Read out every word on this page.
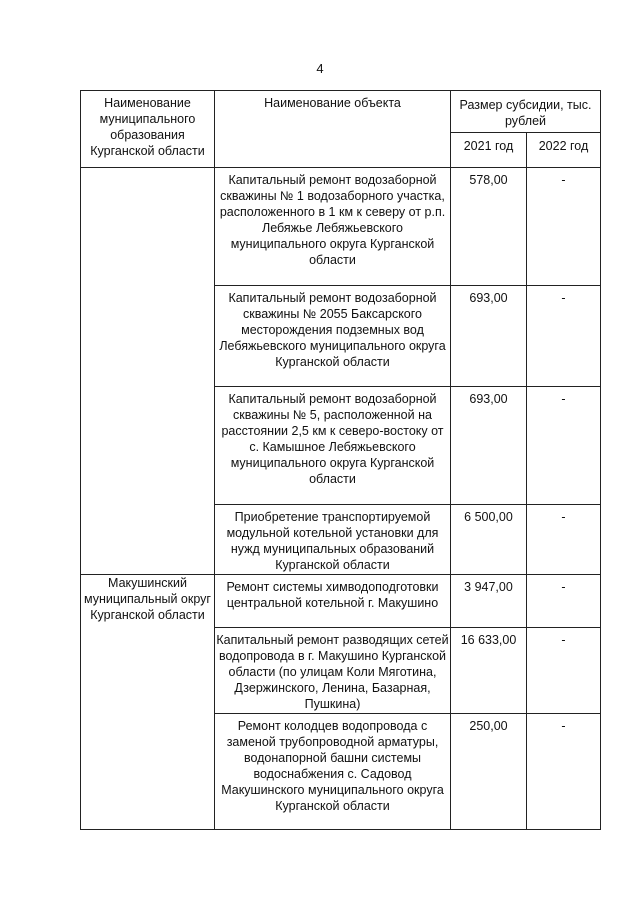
4
Наименование муниципального образования Курганской области	Наименование объекта	Размер субсидии, тыс. рублей	
		2021 год	2022 год
	Капитальный ремонт водозаборной скважины № 1 водозаборного участка, расположенного в 1 км к северу от р.п. Лебяжье Лебяжьевского муниципального округа Курганской области	578,00	-
	Капитальный ремонт водозаборной скважины № 2055 Баксарского месторождения подземных вод Лебяжьевского муниципального округа Курганской области	693,00	-
	Капитальный ремонт водозаборной скважины № 5, расположенной на расстоянии 2,5 км к северо-востоку от с. Камышное Лебяжьевского муниципального округа Курганской области	693,00	-
	Приобретение транспортируемой модульной котельной установки для нужд муниципальных образований Курганской области	6 500,00	-
Макушинский муниципальный округ Курганской области	Ремонт системы химводоподготовки центральной котельной г. Макушино	3 947,00	-
	Капитальный ремонт разводящих сетей водопровода в г. Макушино Курганской области (по улицам Коли Мяготина, Дзержинского, Ленина, Базарная, Пушкина)	16 633,00	-
	Ремонт колодцев водопровода с заменой трубопроводной арматуры, водонапорной башни системы водоснабжения с. Садовод Макушинского муниципального округа Курганской области	250,00	-
